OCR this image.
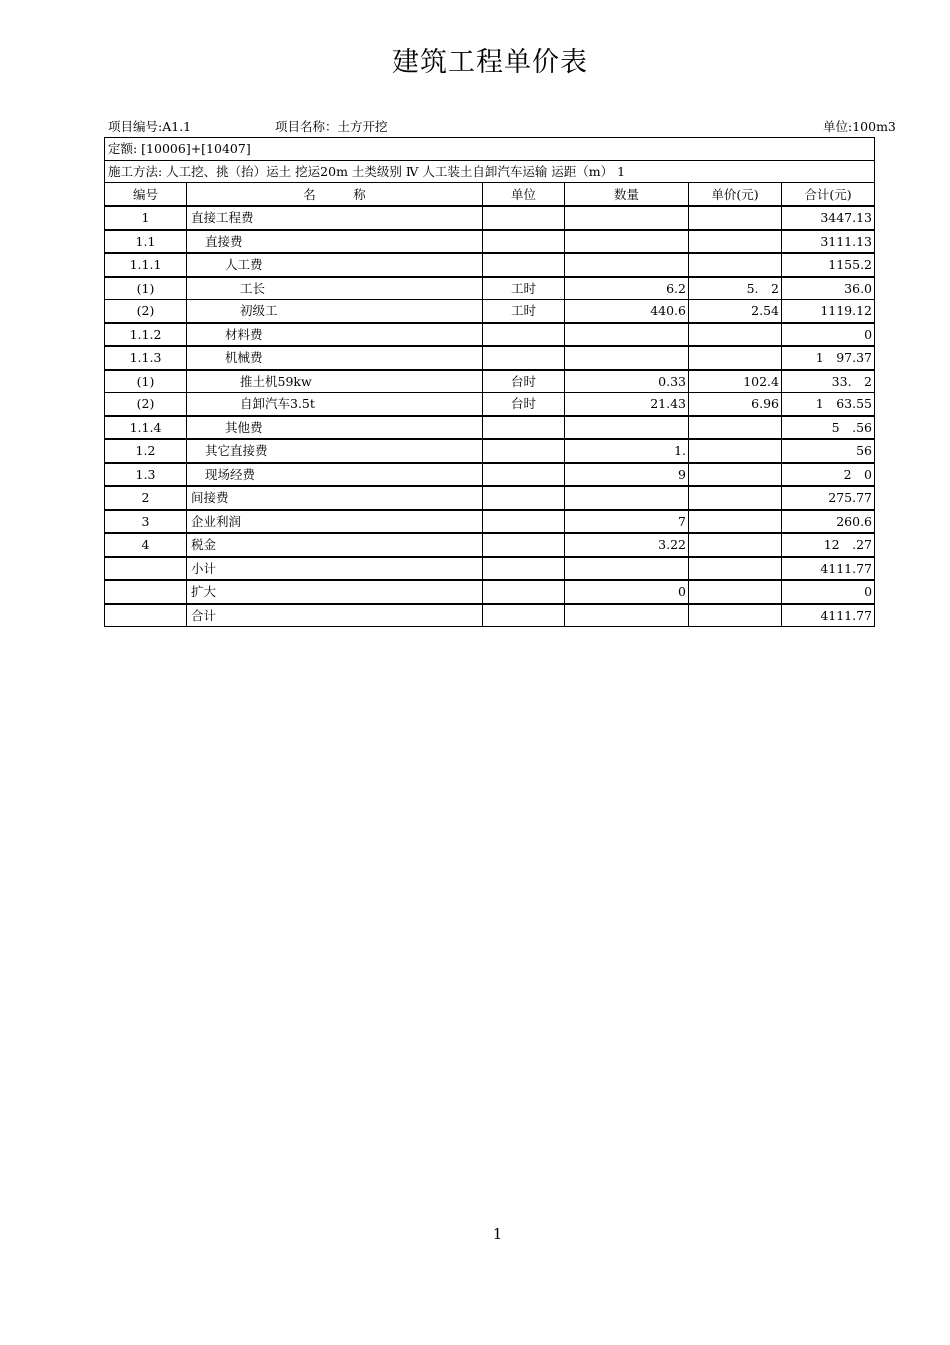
建筑工程单价表
项目编号:A1.1	项目名称：土方开挖	单位:100m3
定额: [10006]+[10407]					
施工方法: 人工挖、挑（抬）运土 挖运20m 土类级别 Ⅳ 人工装土自卸汽车运输 运距（m） 1					
编号	名　　　称	单位	数量	单价(元)	合计(元)
1	直接工程费				3447.13
1.1	直接费				3111.13
1.1.1	人工费				1155.2
(1)	工长	工时	6.2	5.　2	36.0
(2)	初级工	工时	440.6	2.54	1119.12
1.1.2	材料费				0
1.1.3	机械费				1　97.37
(1)	推土机59kw	台时	0.33	102.4	33.　2
(2)	自卸汽车3.5t	台时	21.43	6.96	1　63.55
1.1.4	其他费				5　.56
1.2	其它直接费		1.		56
1.3	现场经费		9		2　0
2	间接费				275.77
3	企业利润		7		260.6
4	税金		3.22		12　.27
	小计				4111.77
	扩大		0		0
	合计				4111.77
1
